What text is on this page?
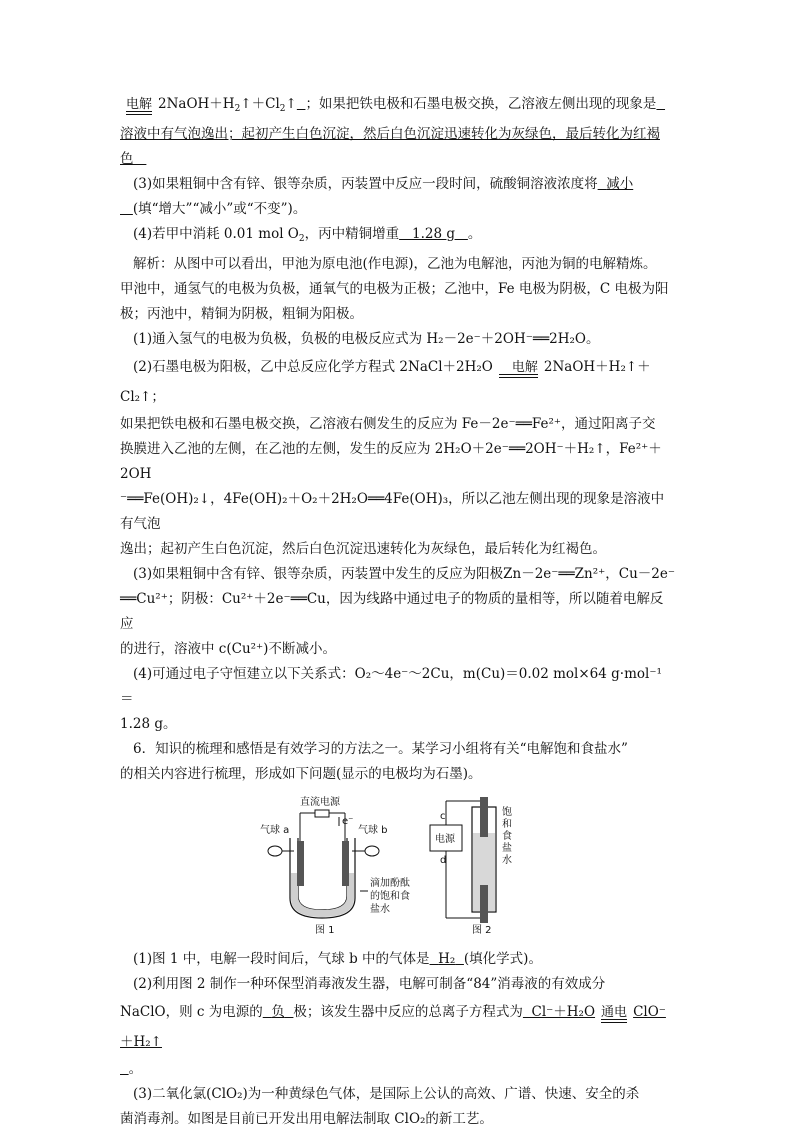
电解 $2NaOH+H_2↑+Cl_2↑$ ；如果把铁电极和石墨电极交换，乙溶液左侧出现的现象是

溶液中有气泡逸出；起初产生白色沉淀，然后白色沉淀迅速转化为灰绿色，最后转化为红褐

色

(3)如果粗铜中含有锌、银等杂质，丙装置中反应一段时间，硫酸铜溶液浓度将 减小

(填“增大”“减小”或“不变”)。

(4)若甲中消耗 0.01 mol $O_2$，丙中精铜增重 1.28 g 。

解析：从图中可以看出，甲池为原电池(作电源)，乙池为电解池，丙池为铜的电解精炼。

甲池中，通氢气的电极为负极，通氧气的电极为正极；乙池中，Fe 电极为阴极，C 电极为阳

极；丙池中，精铜为阴极，粗铜为阳极。

(1)通入氢气的电极为负极，负极的电极反应式为 H₂－2e⁻＋2OH⁻══2H₂O。

(2)石墨电极为阳极，乙中总反应化学方程式 2NaCl＋2H₂O	电解 2NaOH＋H₂↑＋Cl₂↑；

如果把铁电极和石墨电极交换，乙溶液右侧发生的反应为 Fe－2e⁻══Fe²⁺，通过阳离子交

换膜进入乙池的左侧，在乙池的左侧，发生的反应为 2H₂O＋2e⁻══2OH⁻＋H₂↑，Fe²⁺＋2OH

⁻══Fe(OH)₂↓，4Fe(OH)₂＋O₂＋2H₂O══4Fe(OH)₃，所以乙池左侧出现的现象是溶液中有气泡

逸出；起初产生白色沉淀，然后白色沉淀迅速转化为灰绿色，最后转化为红褐色。

(3)如果粗铜中含有锌、银等杂质，丙装置中发生的反应为阳极Zn－2e⁻══Zn²⁺，Cu－2e⁻

══Cu²⁺；阴极：Cu²⁺＋2e⁻══Cu，因为线路中通过电子的物质的量相等，所以随着电解反应

的进行，溶液中 c(Cu²⁺)不断减小。

(4)可通过电子守恒建立以下关系式：O₂～4e⁻～2Cu，m(Cu)＝0.02 mol×64 g·mol⁻¹＝

1.28 g。

6．知识的梳理和感悟是有效学习的方法之一。某学习小组将有关“电解饱和食盐水”

的相关内容进行梳理，形成如下问题(显示的电极均为石墨)。

直流电源
e⁻
气球 a	气球 b
滴加酚酞
的饱和食
盐水
图 1
电源
c
d
饱
和
食
盐
水
图 2

(1)图 1 中，电解一段时间后，气球 b 中的气体是 H₂ (填化学式)。

(2)利用图 2 制作一种环保型消毒液发生器，电解可制备“84”消毒液的有效成分

NaClO，则 c 为电源的 负 极；该发生器中反应的总离子方程式为 Cl⁻＋H₂O 通电 ClO⁻＋H₂↑

。

(3)二氧化氯(ClO₂)为一种黄绿色气体，是国际上公认的高效、广谱、快速、安全的杀

菌消毒剂。如图是目前已开发出用电解法制取 ClO₂的新工艺。
